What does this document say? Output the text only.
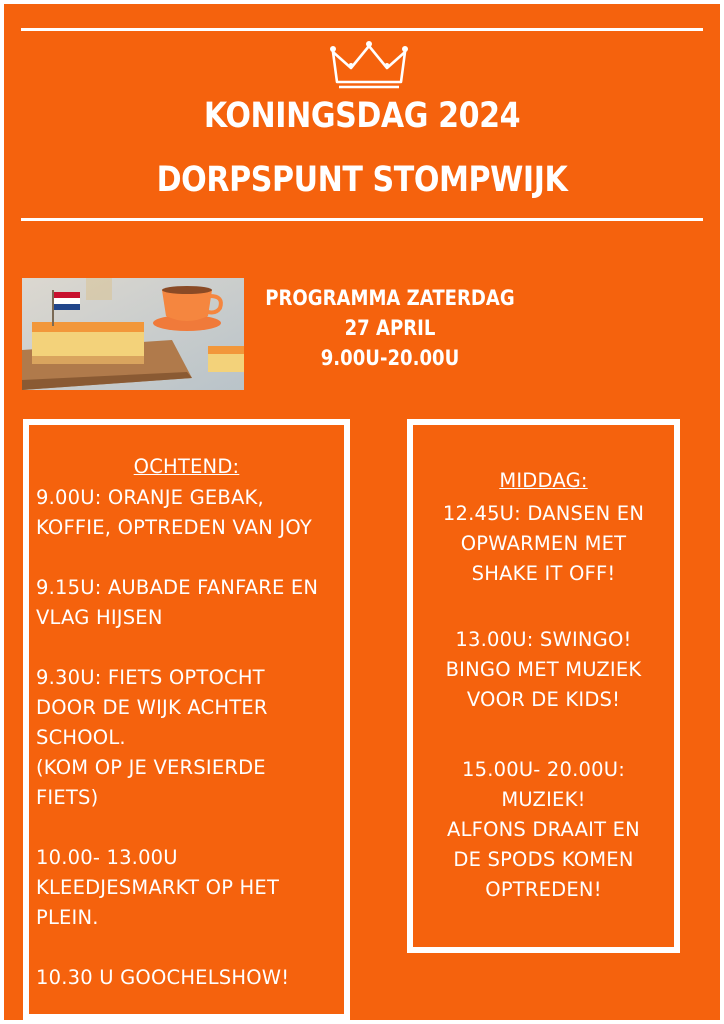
KONINGSDAG 2024
DORPSPUNT STOMPWIJK
PROGRAMMA ZATERDAG
27 APRIL
9.00U-20.00U
OCHTEND:
9.00U: ORANJE GEBAK,
KOFFIE, OPTREDEN VAN JOY
9.15U: AUBADE FANFARE EN
VLAG HIJSEN
9.30U: FIETS OPTOCHT
DOOR DE WIJK ACHTER
SCHOOL.
(KOM OP JE VERSIERDE
FIETS)
10.00- 13.00U
KLEEDJESMARKT OP HET
PLEIN.
10.30 U GOOCHELSHOW!
MIDDAG:
12.45U: DANSEN EN
OPWARMEN MET
SHAKE IT OFF!
13.00U: SWINGO!
BINGO MET MUZIEK
VOOR DE KIDS!
15.00U- 20.00U:
MUZIEK!
ALFONS DRAAIT EN
DE SPODS KOMEN
OPTREDEN!
